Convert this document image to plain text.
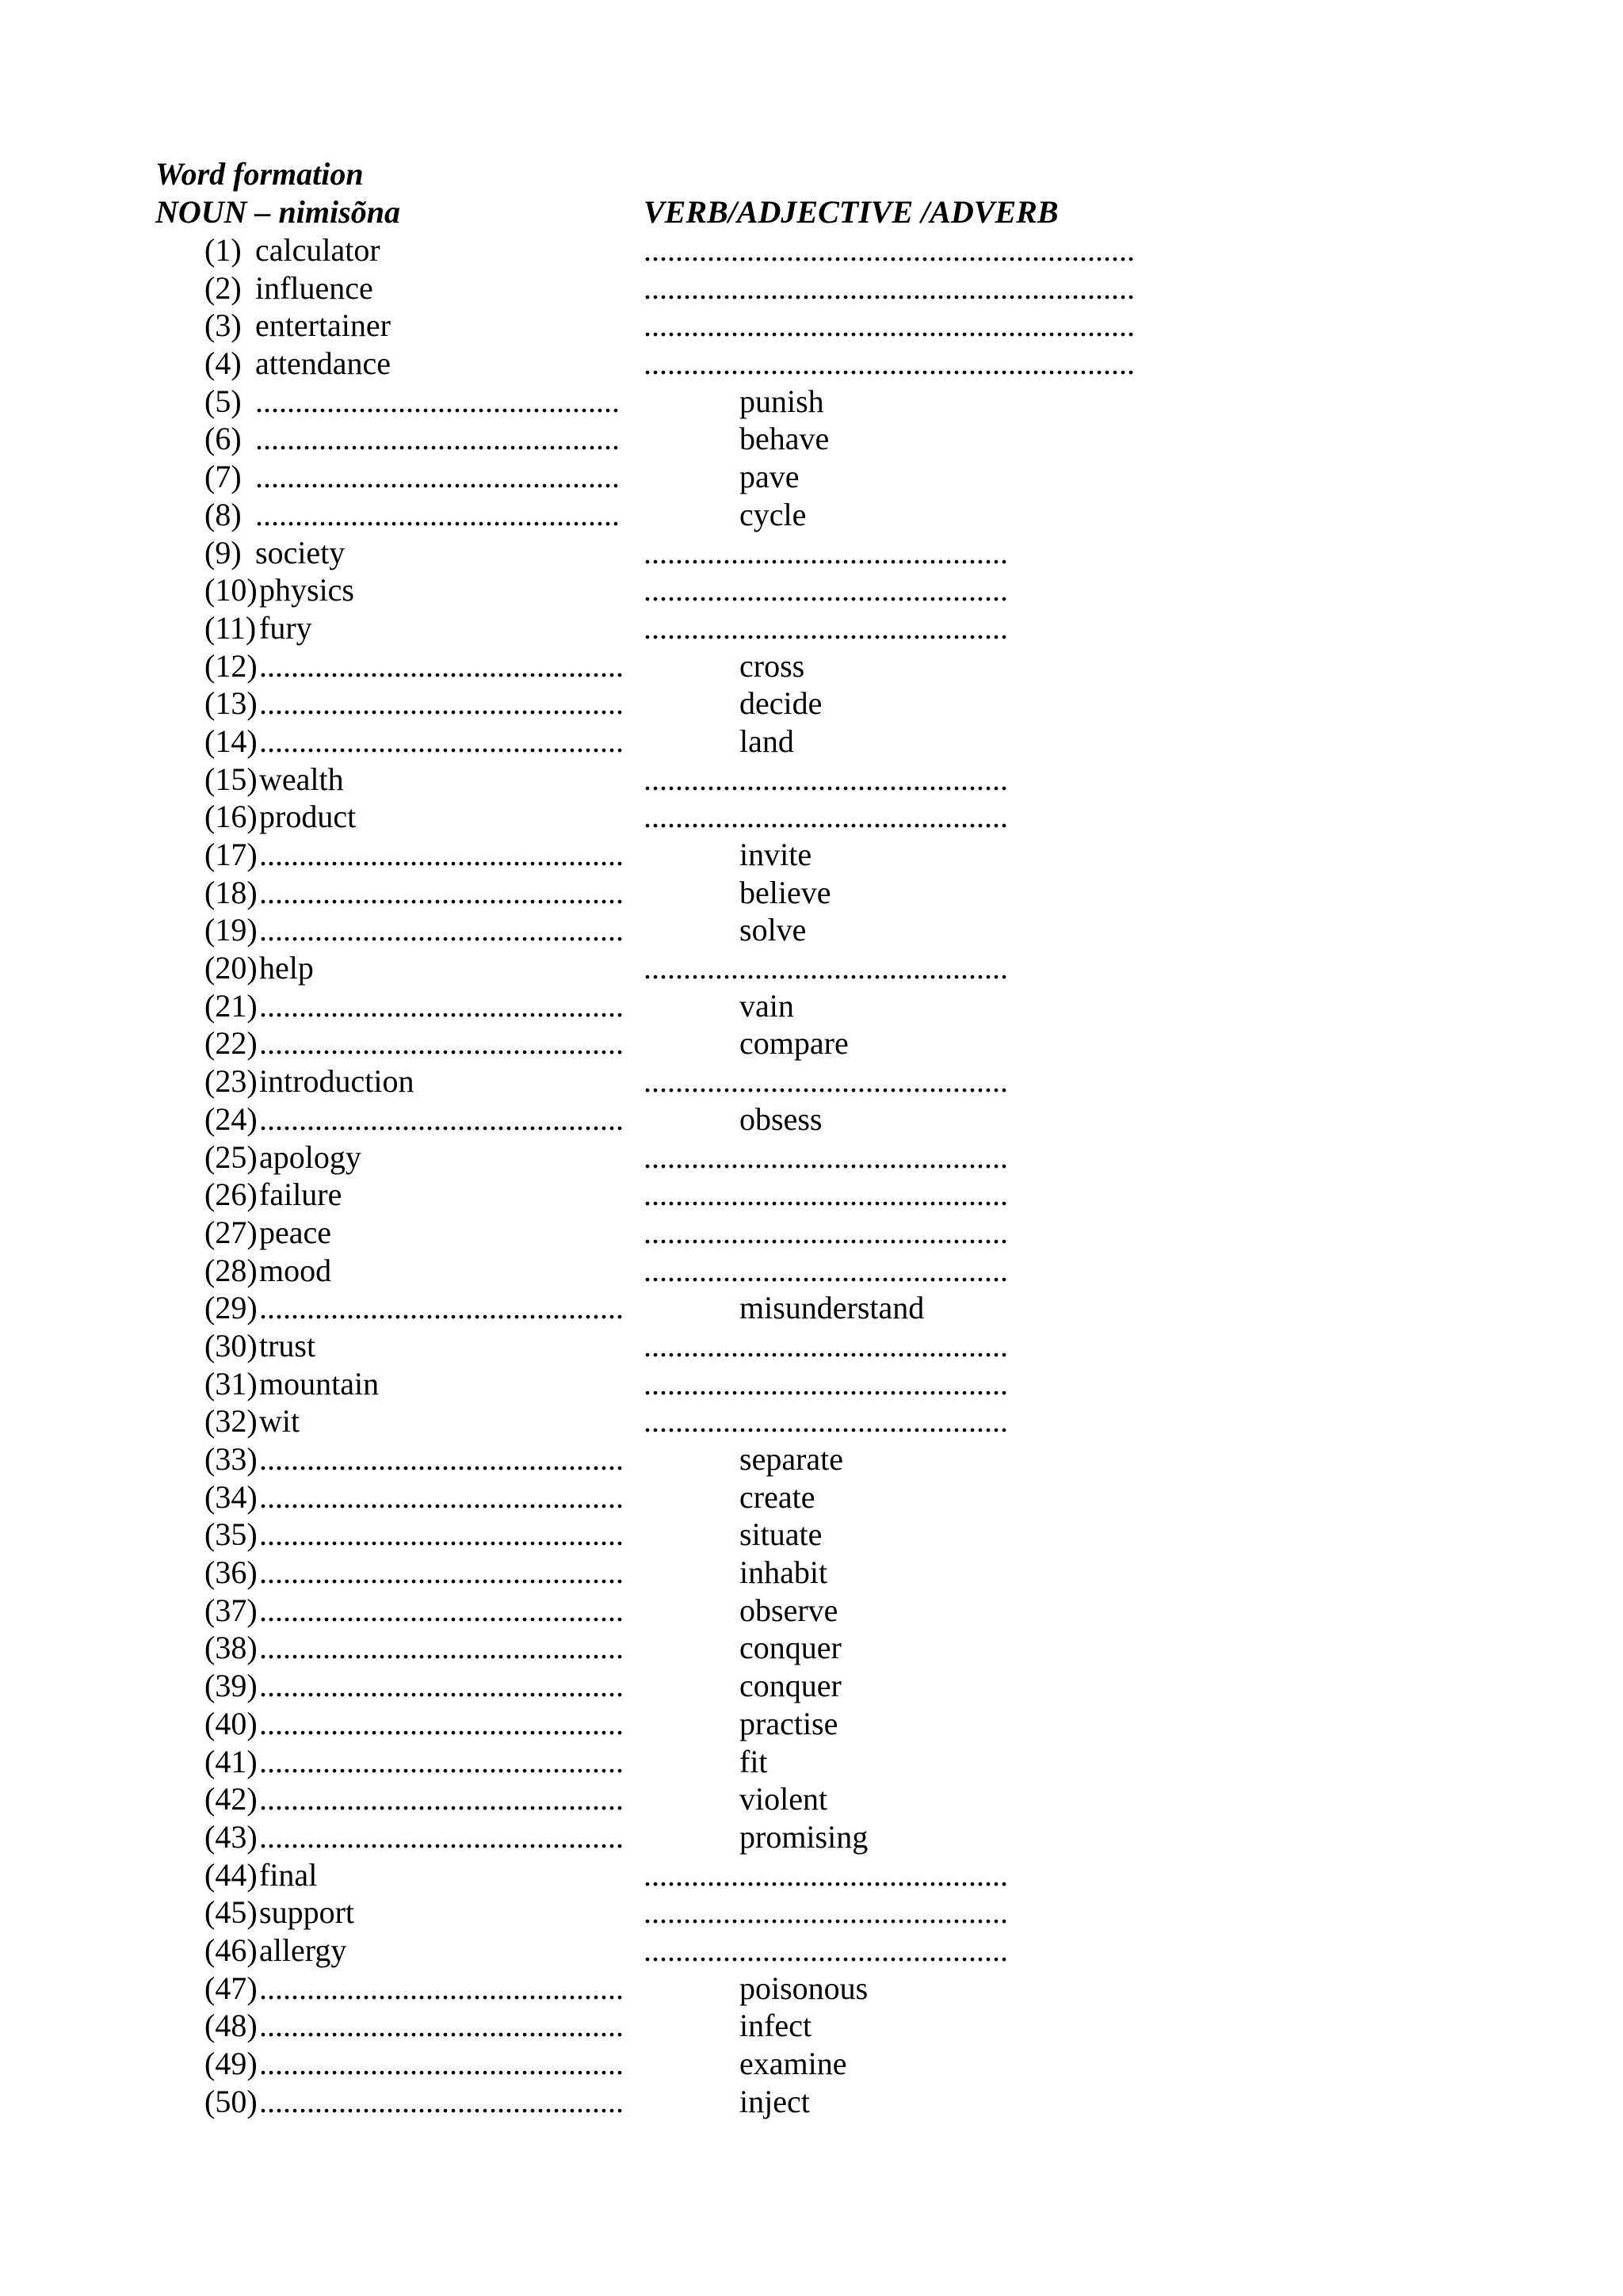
Word formation
NOUN – nimisõna	VERB/ADJECTIVE /ADVERB
(1) calculator	..............................................................
(2) influence	..............................................................
(3) entertainer	..............................................................
(4) attendance	..............................................................
(5) ..............................................	punish
(6) ..............................................	behave
(7) ..............................................	pave
(8) ..............................................	cycle
(9) society	..............................................
(10) physics	..............................................
(11) fury	..............................................
(12) ..............................................	cross
(13) ..............................................	decide
(14) ..............................................	land
(15) wealth	..............................................
(16) product	..............................................
(17) ..............................................	invite
(18) ..............................................	believe
(19) ..............................................	solve
(20) help	..............................................
(21) ..............................................	vain
(22) ..............................................	compare
(23) introduction	..............................................
(24) ..............................................	obsess
(25) apology	..............................................
(26) failure	..............................................
(27) peace	..............................................
(28) mood	..............................................
(29) ..............................................	misunderstand
(30) trust	..............................................
(31) mountain	..............................................
(32) wit	..............................................
(33) ..............................................	separate
(34) ..............................................	create
(35) ..............................................	situate
(36) ..............................................	inhabit
(37) ..............................................	observe
(38) ..............................................	conquer
(39) ..............................................	conquer
(40) ..............................................	practise
(41) ..............................................	fit
(42) ..............................................	violent
(43) ..............................................	promising
(44) final	..............................................
(45) support	..............................................
(46) allergy	..............................................
(47) ..............................................	poisonous
(48) ..............................................	infect
(49) ..............................................	examine
(50) ..............................................	inject
